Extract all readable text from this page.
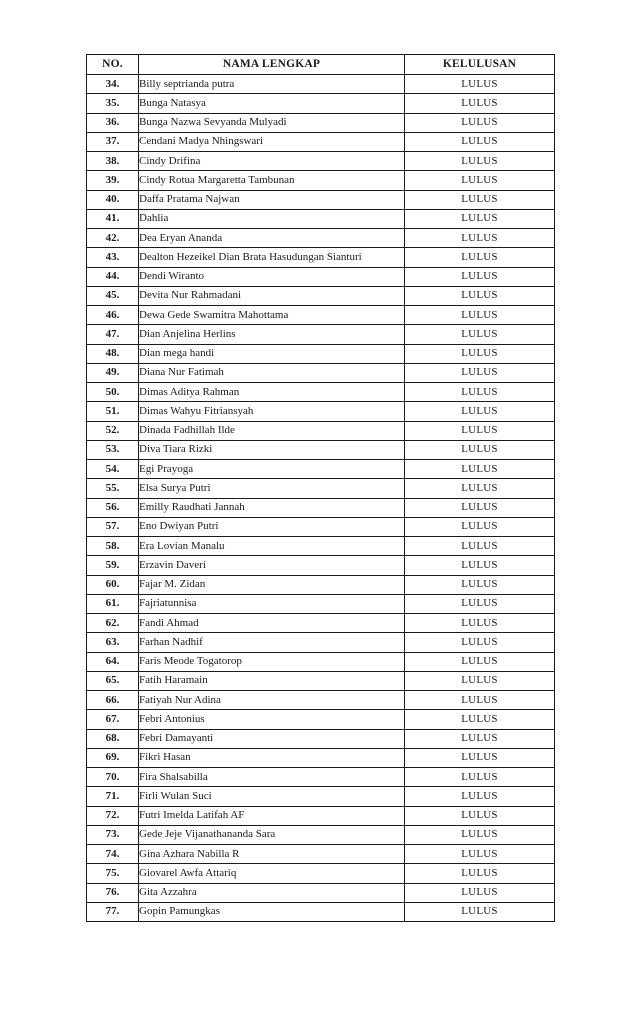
NO.	NAMA LENGKAP	KELULUSAN
34.	Billy septrianda putra	LULUS
35.	Bunga Natasya	LULUS
36.	Bunga Nazwa Sevyanda Mulyadi	LULUS
37.	Cendani Madya Nhingswari	LULUS
38.	Cindy Drifina	LULUS
39.	Cindy Rotua Margaretta Tambunan	LULUS
40.	Daffa Pratama Najwan	LULUS
41.	Dahlia	LULUS
42.	Dea Eryan Ananda	LULUS
43.	Dealton Hezeikel Dian Brata Hasudungan Sianturi	LULUS
44.	Dendi Wiranto	LULUS
45.	Devita Nur Rahmadani	LULUS
46.	Dewa Gede Swamitra Mahottama	LULUS
47.	Dian Anjelina Herlins	LULUS
48.	Dian mega handi	LULUS
49.	Diana Nur Fatimah	LULUS
50.	Dimas Aditya Rahman	LULUS
51.	Dimas Wahyu Fitriansyah	LULUS
52.	Dinada Fadhillah Ilde	LULUS
53.	Diva Tiara Rizki	LULUS
54.	Egi Prayoga	LULUS
55.	Elsa Surya Putri	LULUS
56.	Emilly Raudhati Jannah	LULUS
57.	Eno Dwiyan Putri	LULUS
58.	Era Lovian Manalu	LULUS
59.	Erzavin Daveri	LULUS
60.	Fajar M. Zidan	LULUS
61.	Fajriatunnisa	LULUS
62.	Fandi Ahmad	LULUS
63.	Farhan Nadhif	LULUS
64.	Faris Meode Togatorop	LULUS
65.	Fatih Haramain	LULUS
66.	Fatiyah Nur Adina	LULUS
67.	Febri Antonius	LULUS
68.	Febri Damayanti	LULUS
69.	Fikri Hasan	LULUS
70.	Fira Shalsabilla	LULUS
71.	Firli Wulan Suci	LULUS
72.	Futri Imelda Latifah AF	LULUS
73.	Gede Jeje Vijanathananda Sara	LULUS
74.	Gina Azhara Nabilla R	LULUS
75.	Giovarel Awfa Attariq	LULUS
76.	Gita Azzahra	LULUS
77.	Gopin Pamungkas	LULUS
